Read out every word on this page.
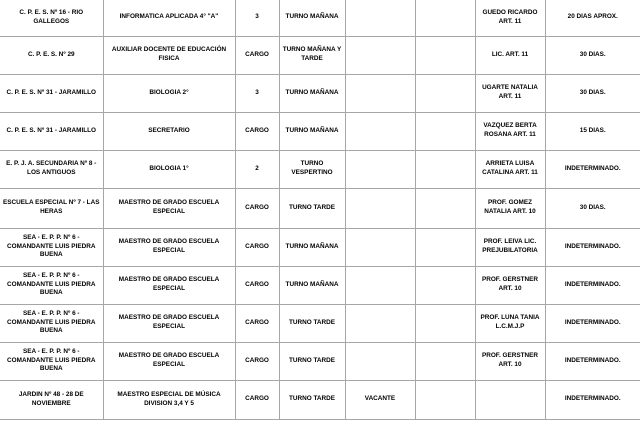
C. P. E. S. Nº 16 - RIO GALLEGOS	INFORMATICA APLICADA 4° "A"	3	TURNO MAÑANA			GUEDO RICARDO ART. 11	20 DIAS APROX.
C. P. E. S. Nº 29	AUXILIAR DOCENTE DE EDUCACIÓN FISICA	CARGO	TURNO MAÑANA Y TARDE			LIC. ART. 11	30 DIAS.
C. P. E. S. Nº 31 - JARAMILLO	BIOLOGIA 2°	3	TURNO MAÑANA			UGARTE NATALIA ART. 11	30 DIAS.
C. P. E. S. Nº 31 - JARAMILLO	SECRETARIO	CARGO	TURNO MAÑANA			VAZQUEZ BERTA ROSANA ART. 11	15 DIAS.
E. P. J. A. SECUNDARIA Nº 8 - LOS ANTIGUOS	BIOLOGIA 1°	2	TURNO VESPERTINO			ARRIETA LUISA CATALINA ART. 11	INDETERMINADO.
ESCUELA ESPECIAL Nº 7 - LAS HERAS	MAESTRO DE GRADO ESCUELA ESPECIAL	CARGO	TURNO TARDE			PROF. GOMEZ NATALIA ART. 10	30 DIAS.
SEA - E. P. P. Nº 6 - COMANDANTE LUIS PIEDRA BUENA	MAESTRO DE GRADO ESCUELA ESPECIAL	CARGO	TURNO MAÑANA			PROF. LEIVA LIC. PREJUBILATORIA	INDETERMINADO.
SEA - E. P. P. Nº 6 - COMANDANTE LUIS PIEDRA BUENA	MAESTRO DE GRADO ESCUELA ESPECIAL	CARGO	TURNO MAÑANA			PROF. GERSTNER ART. 10	INDETERMINADO.
SEA - E. P. P. Nº 6 - COMANDANTE LUIS PIEDRA BUENA	MAESTRO DE GRADO ESCUELA ESPECIAL	CARGO	TURNO TARDE			PROF. LUNA TANIA L.C.M.J.P	INDETERMINADO.
SEA - E. P. P. Nº 6 - COMANDANTE LUIS PIEDRA BUENA	MAESTRO DE GRADO ESCUELA ESPECIAL	CARGO	TURNO TARDE			PROF. GERSTNER ART. 10	INDETERMINADO.
JARDIN Nº 48 - 28 DE NOVIEMBRE	MAESTRO ESPECIAL DE MÚSICA DIVISION 3,4 Y 5	CARGO	TURNO TARDE	VACANTE			INDETERMINADO.
